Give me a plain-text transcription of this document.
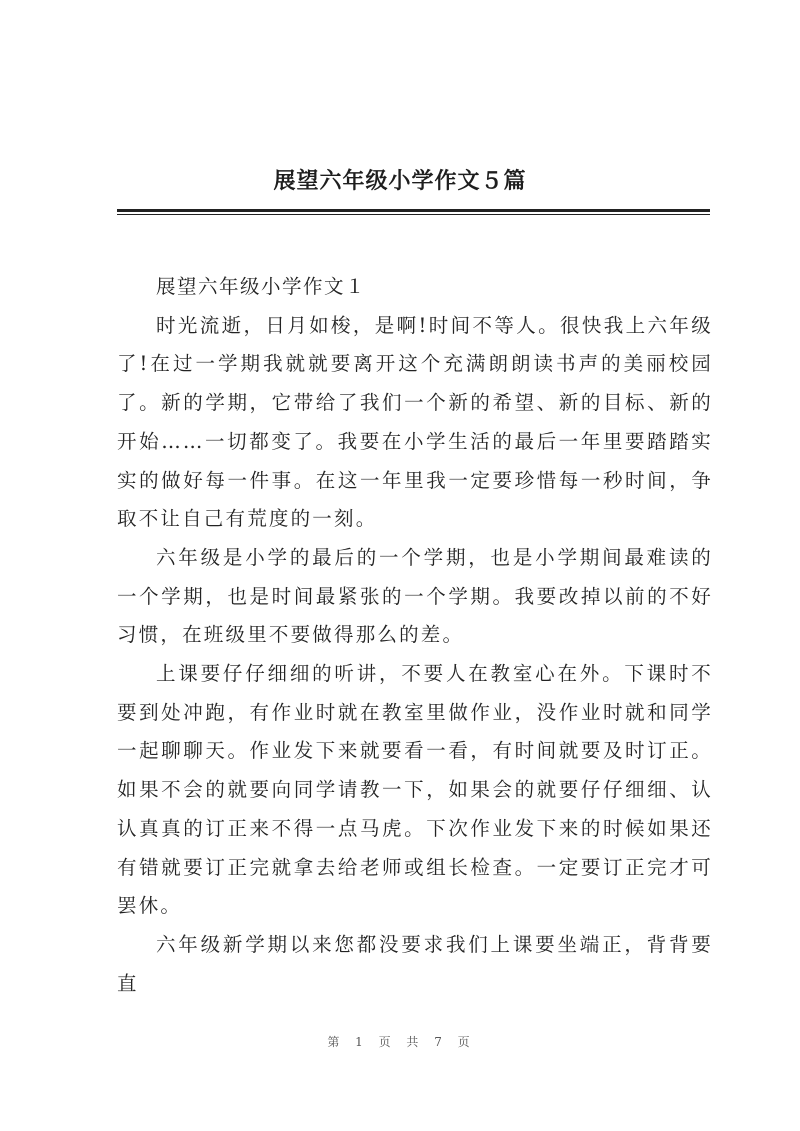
展望六年级小学作文５篇

展望六年级小学作文１

时光流逝，日月如梭，是啊!时间不等人。很快我上六年级了!在过一学期我就就要离开这个充满朗朗读书声的美丽校园了。新的学期，它带给了我们一个新的希望、新的目标、新的开始……一切都变了。我要在小学生活的最后一年里要踏踏实实的做好每一件事。在这一年里我一定要珍惜每一秒时间，争取不让自己有荒度的一刻。

六年级是小学的最后的一个学期，也是小学期间最难读的一个学期，也是时间最紧张的一个学期。我要改掉以前的不好习惯，在班级里不要做得那么的差。

上课要仔仔细细的听讲，不要人在教室心在外。下课时不要到处冲跑，有作业时就在教室里做作业，没作业时就和同学一起聊聊天。作业发下来就要看一看，有时间就要及时订正。如果不会的就要向同学请教一下，如果会的就要仔仔细细、认认真真的订正来不得一点马虎。下次作业发下来的时候如果还有错就要订正完就拿去给老师或组长检查。一定要订正完才可罢休。

六年级新学期以来您都没要求我们上课要坐端正，背背要直

第 1 页 共 7 页
